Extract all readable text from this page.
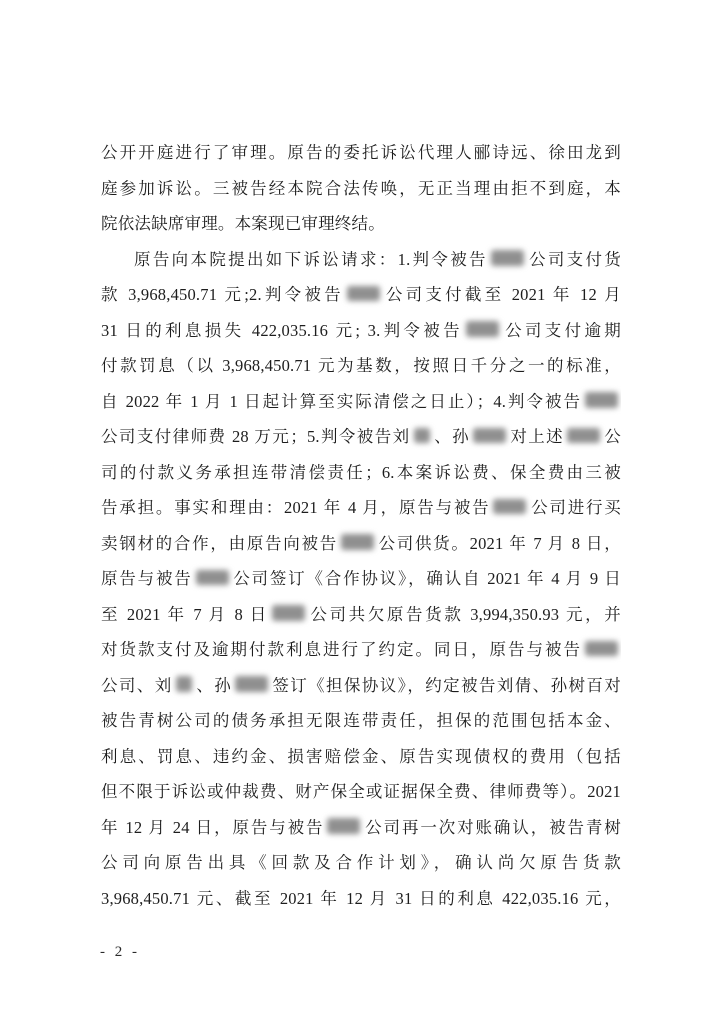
公开开庭进行了审理。原告的委托诉讼代理人郦诗远、徐田龙到
庭参加诉讼。三被告经本院合法传唤，无正当理由拒不到庭，本
院依法缺席审理。本案现已审理终结。
原告向本院提出如下诉讼请求：1.判令被告 公司支付货
款 3,968,450.71 元;2.判令被告 公司支付截至 2021 年 12 月
31 日的利息损失 422,035.16 元; 3.判令被告 公司支付逾期
付款罚息（以 3,968,450.71 元为基数，按照日千分之一的标准，
自 2022 年 1 月 1 日起计算至实际清偿之日止）；4.判令被告
公司支付律师费 28 万元；5.判令被告刘 、孙 对上述 公
司的付款义务承担连带清偿责任；6.本案诉讼费、保全费由三被
告承担。事实和理由：2021 年 4 月，原告与被告 公司进行买
卖钢材的合作，由原告向被告 公司供货。2021 年 7 月 8 日，
原告与被告 公司签订《合作协议》，确认自 2021 年 4 月 9 日
至 2021 年 7 月 8 日 公司共欠原告货款 3,994,350.93 元，并
对货款支付及逾期付款利息进行了约定。同日，原告与被告
公司、刘 、孙 签订《担保协议》，约定被告刘倩、孙树百对
被告青树公司的债务承担无限连带责任，担保的范围包括本金、
利息、罚息、违约金、损害赔偿金、原告实现债权的费用（包括
但不限于诉讼或仲裁费、财产保全或证据保全费、律师费等）。2021
年 12 月 24 日，原告与被告 公司再一次对账确认，被告青树
公司向原告出具《回款及合作计划》，确认尚欠原告货款
3,968,450.71 元、截至 2021 年 12 月 31 日的利息 422,035.16 元，
- 2 -
